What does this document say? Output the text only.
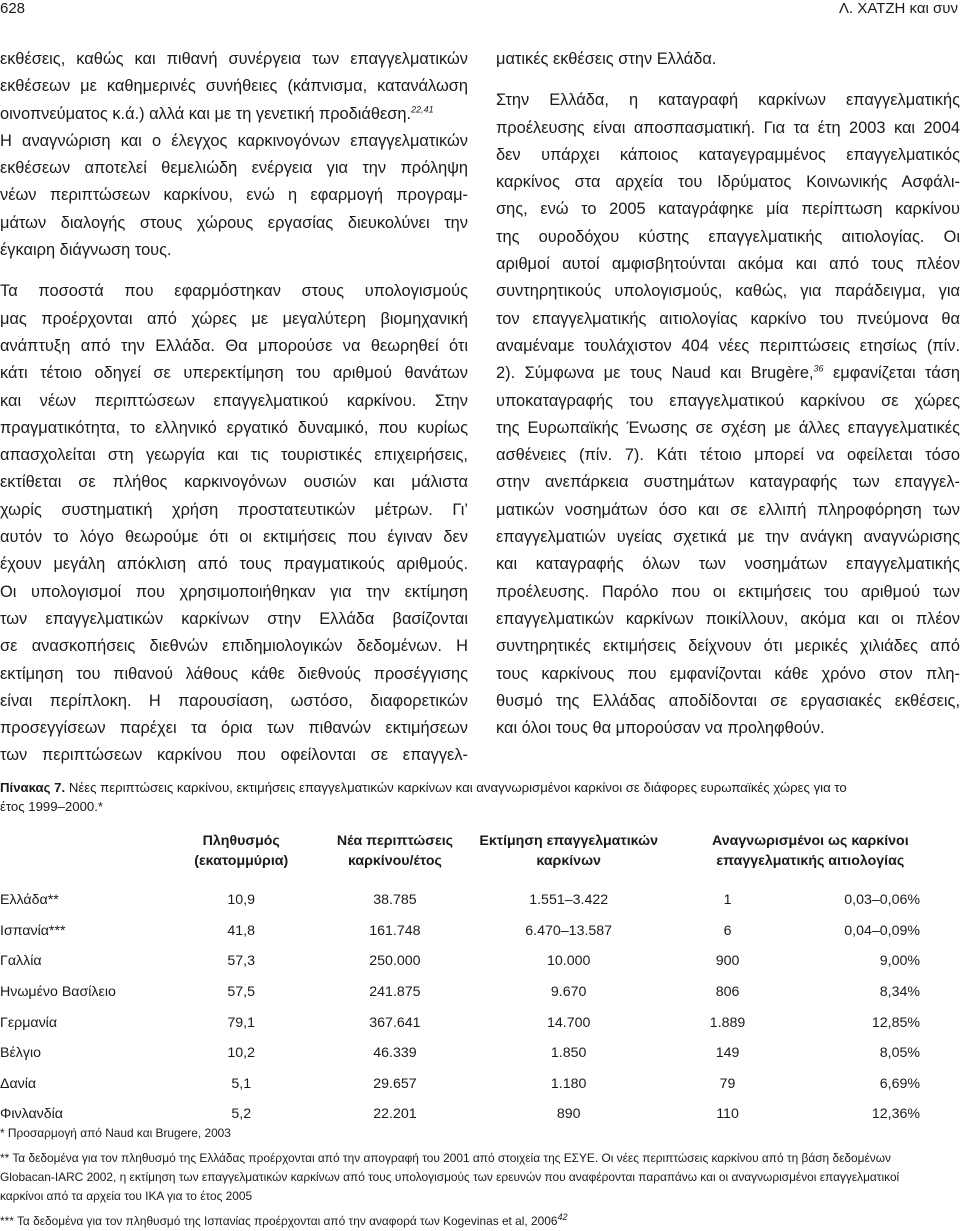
628	Λ. ΧΑΤΖΗ και συν
εκθέσεις, καθώς και πιθανή συνέργεια των επαγγελματικών
εκθέσεων με καθημερινές συνήθειες (κάπνισμα, κατανάλωση
οινοπνεύματος κ.ά.) αλλά και με τη γενετική προδιάθεση.$^{22,41}$
Η αναγνώριση και ο έλεγχος καρκινογόνων επαγγελματικών
εκθέσεων αποτελεί θεμελιώδη ενέργεια για την πρόληψη
νέων περιπτώσεων καρκίνου, ενώ η εφαρμογή προγραμ-
μάτων διαλογής στους χώρους εργασίας διευκολύνει την
έγκαιρη διάγνωση τους.
Τα ποσοστά που εφαρμόστηκαν στους υπολογισμούς
μας προέρχονται από χώρες με μεγαλύτερη βιομηχανική
ανάπτυξη από την Ελλάδα. Θα μπορούσε να θεωρηθεί ότι
κάτι τέτοιο οδηγεί σε υπερεκτίμηση του αριθμού θανάτων
και νέων περιπτώσεων επαγγελματικού καρκίνου. Στην
πραγματικότητα, το ελληνικό εργατικό δυναμικό, που κυρίως
απασχολείται στη γεωργία και τις τουριστικές επιχειρήσεις,
εκτίθεται σε πλήθος καρκινογόνων ουσιών και μάλιστα
χωρίς συστηματική χρήση προστατευτικών μέτρων. Γι’
αυτόν το λόγο θεωρούμε ότι οι εκτιμήσεις που έγιναν δεν
έχουν μεγάλη απόκλιση από τους πραγματικούς αριθμούς.
Οι υπολογισμοί που χρησιμοποιήθηκαν για την εκτίμηση
των επαγγελματικών καρκίνων στην Ελλάδα βασίζονται
σε ανασκοπήσεις διεθνών επιδημιολογικών δεδομένων. Η
εκτίμηση του πιθανού λάθους κάθε διεθνούς προσέγγισης
είναι περίπλοκη. Η παρουσίαση, ωστόσο, διαφορετικών
προσεγγίσεων παρέχει τα όρια των πιθανών εκτιμήσεων
των περιπτώσεων καρκίνου που οφείλονται σε επαγγελ-
ματικές εκθέσεις στην Ελλάδα.
Στην Ελλάδα, η καταγραφή καρκίνων επαγγελματικής
προέλευσης είναι αποσπασματική. Για τα έτη 2003 και 2004
δεν υπάρχει κάποιος καταγεγραμμένος επαγγελματικός
καρκίνος στα αρχεία του Ιδρύματος Κοινωνικής Ασφάλι-
σης, ενώ το 2005 καταγράφηκε μία περίπτωση καρκίνου
της ουροδόχου κύστης επαγγελματικής αιτιολογίας. Οι
αριθμοί αυτοί αμφισβητούνται ακόμα και από τους πλέον
συντηρητικούς υπολογισμούς, καθώς, για παράδειγμα, για
τον επαγγελματικής αιτιολογίας καρκίνο του πνεύμονα θα
αναμέναμε τουλάχιστον 404 νέες περιπτώσεις ετησίως (πίν.
2). Σύμφωνα με τους Naud και Brugère,$^{36}$ εμφανίζεται τάση
υποκαταγραφής του επαγγελματικού καρκίνου σε χώρες
της Ευρωπαϊκής Ένωσης σε σχέση με άλλες επαγγελματικές
ασθένειες (πίν. 7). Κάτι τέτοιο μπορεί να οφείλεται τόσο
στην ανεπάρκεια συστημάτων καταγραφής των επαγγελ-
ματικών νοσημάτων όσο και σε ελλιπή πληροφόρηση των
επαγγελματιών υγείας σχετικά με την ανάγκη αναγνώρισης
και καταγραφής όλων των νοσημάτων επαγγελματικής
προέλευσης. Παρόλο που οι εκτιμήσεις του αριθμού των
επαγγελματικών καρκίνων ποικίλλουν, ακόμα και οι πλέον
συντηρητικές εκτιμήσεις δείχνουν ότι μερικές χιλιάδες από
τους καρκίνους που εμφανίζονται κάθε χρόνο στον πλη-
θυσμό της Ελλάδας αποδίδονται σε εργασιακές εκθέσεις,
και όλοι τους θα μπορούσαν να προληφθούν.
Πίνακας 7. Νέες περιπτώσεις καρκίνου, εκτιμήσεις επαγγελματικών καρκίνων και αναγνωρισμένοι καρκίνοι σε διάφορες ευρωπαϊκές χώρες για το
έτος 1999–2000.*
	Πληθυσμός
(εκατομμύρια)	Νέα περιπτώσεις
καρκίνου/έτος	Εκτίμηση επαγγελματικών
καρκίνων	Αναγνωρισμένοι ως καρκίνοι
επαγγελματικής αιτιολογίας	
Ελλάδα**	10,9	38.785	1.551–3.422	1	0,03–0,06%
Ισπανία***	41,8	161.748	6.470–13.587	6	0,04–0,09%
Γαλλία	57,3	250.000	10.000	900	9,00%
Ηνωμένο Βασίλειο	57,5	241.875	9.670	806	8,34%
Γερμανία	79,1	367.641	14.700	1.889	12,85%
Βέλγιο	10,2	46.339	1.850	149	8,05%
Δανία	5,1	29.657	1.180	79	6,69%
Φινλανδία	5,2	22.201	890	110	12,36%
* Προσαρμογή από Naud και Brugere, 2003
** Τα δεδομένα για τον πληθυσμό της Ελλάδας προέρχονται από την απογραφή του 2001 από στοιχεία της ΕΣΥΕ. Οι νέες περιπτώσεις καρκίνου από τη βάση δεδομένων
Globacan-IARC 2002, η εκτίμηση των επαγγελματικών καρκίνων από τους υπολογισμούς των ερευνών που αναφέρονται παραπάνω και οι αναγνωρισμένοι επαγγελματικοί
καρκίνοι από τα αρχεία του ΙΚΑ για το έτος 2005
*** Τα δεδομένα για τον πληθυσμό της Ισπανίας προέρχονται από την αναφορά των Kogevinas et al, 2006$^{42}$
